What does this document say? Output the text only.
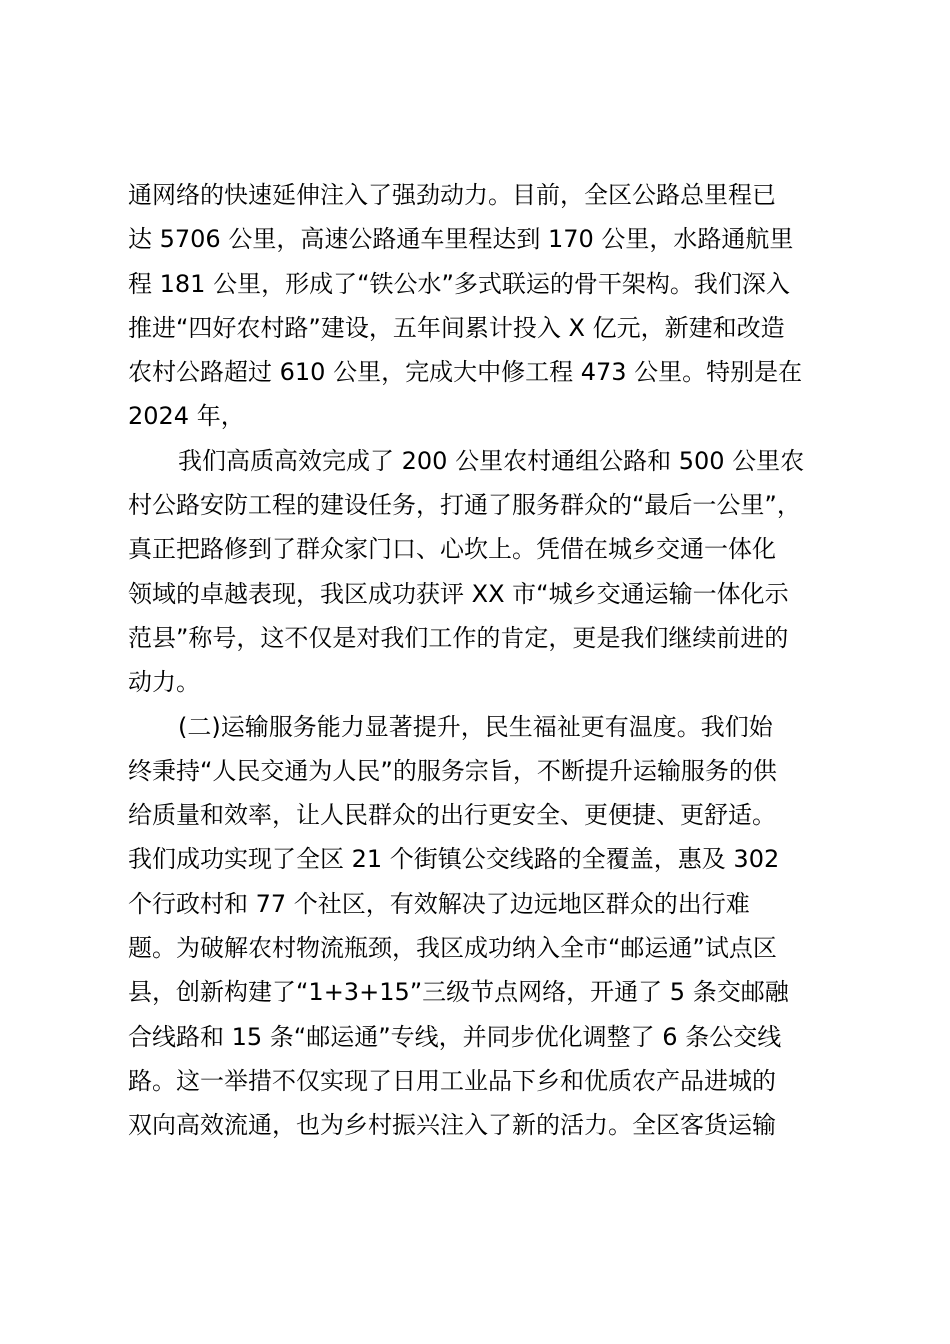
通网络的快速延伸注入了强劲动力。目前，全区公路总里程已
达 5706 公里，高速公路通车里程达到 170 公里，水路通航里
程 181 公里，形成了“铁公水”多式联运的骨干架构。我们深入
推进“四好农村路”建设，五年间累计投入 X 亿元，新建和改造
农村公路超过 610 公里，完成大中修工程 473 公里。特别是在
2024 年，

我们高质高效完成了 200 公里农村通组公路和 500 公里农
村公路安防工程的建设任务，打通了服务群众的“最后一公里”，
真正把路修到了群众家门口、心坎上。凭借在城乡交通一体化
领域的卓越表现，我区成功获评 XX 市“城乡交通运输一体化示
范县”称号，这不仅是对我们工作的肯定，更是我们继续前进的
动力。

(二)运输服务能力显著提升，民生福祉更有温度。我们始
终秉持“人民交通为人民”的服务宗旨，不断提升运输服务的供
给质量和效率，让人民群众的出行更安全、更便捷、更舒适。
我们成功实现了全区 21 个街镇公交线路的全覆盖，惠及 302
个行政村和 77 个社区，有效解决了边远地区群众的出行难
题。为破解农村物流瓶颈，我区成功纳入全市“邮运通”试点区
县，创新构建了“1+3+15”三级节点网络，开通了 5 条交邮融
合线路和 15 条“邮运通”专线，并同步优化调整了 6 条公交线
路。这一举措不仅实现了日用工业品下乡和优质农产品进城的
双向高效流通，也为乡村振兴注入了新的活力。全区客货运输
